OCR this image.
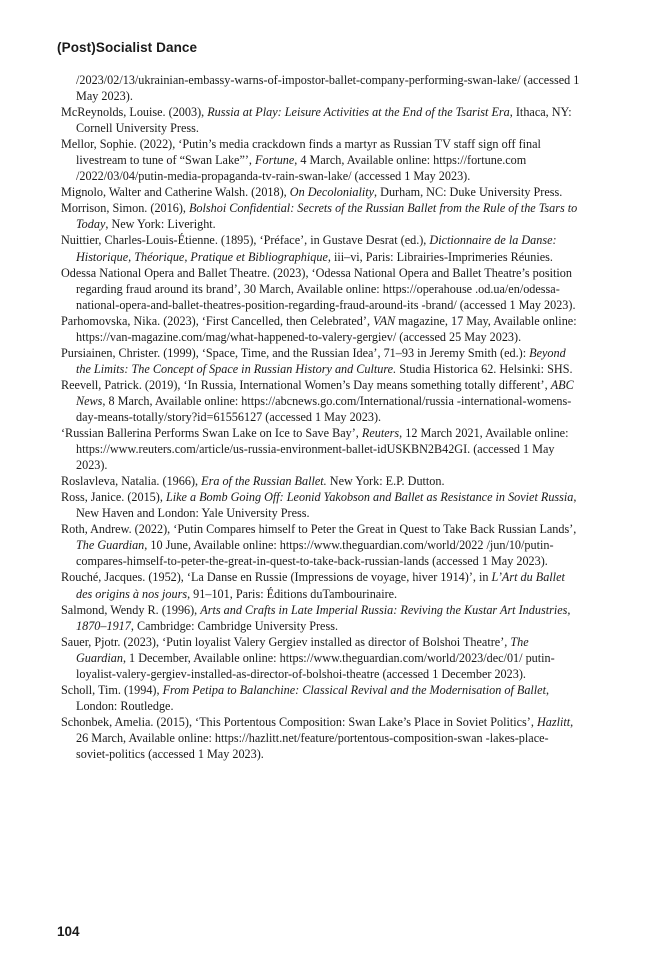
(Post)Socialist Dance

/2023/02/13/ukrainian-embassy-warns-of-impostor-ballet-company-performing-swan-lake/ (accessed 1 May 2023).

McReynolds, Louise. (2003), Russia at Play: Leisure Activities at the End of the Tsarist Era, Ithaca, NY: Cornell University Press.

Mellor, Sophie. (2022), ‘Putin’s media crackdown finds a martyr as Russian TV staff sign off final livestream to tune of “Swan Lake”’, Fortune, 4 March, Available online: https://fortune.com /2022/03/04/putin-media-propaganda-tv-rain-swan-lake/ (accessed 1 May 2023).

Mignolo, Walter and Catherine Walsh. (2018), On Decoloniality, Durham, NC: Duke University Press.

Morrison, Simon. (2016), Bolshoi Confidential: Secrets of the Russian Ballet from the Rule of the Tsars to Today, New York: Liveright.

Nuittier, Charles-Louis-Étienne. (1895), ‘Préface’, in Gustave Desrat (ed.), Dictionnaire de la Danse: Historique, Théorique, Pratique et Bibliographique, iii–vi, Paris: Librairies-Imprimeries Réunies.

Odessa National Opera and Ballet Theatre. (2023), ‘Odessa National Opera and Ballet Theatre’s position regarding fraud around its brand’, 30 March, Available online: https://operahouse .od.ua/en/odessa-national-opera-and-ballet-theatres-position-regarding-fraud-around-its -brand/ (accessed 1 May 2023).

Parhomovska, Nika. (2023), ‘First Cancelled, then Celebrated’, VAN magazine, 17 May, Available online: https://van-magazine.com/mag/what-happened-to-valery-gergiev/ (accessed 25 May 2023).

Pursiainen, Christer. (1999), ‘Space, Time, and the Russian Idea’, 71–93 in Jeremy Smith (ed.): Beyond the Limits: The Concept of Space in Russian History and Culture. Studia Historica 62. Helsinki: SHS.

Reevell, Patrick. (2019), ‘In Russia, International Women’s Day means something totally different’, ABC News, 8 March, Available online: https://abcnews.go.com/International/russia -international-womens-day-means-totally/story?id=61556127 (accessed 1 May 2023).

‘Russian Ballerina Performs Swan Lake on Ice to Save Bay’, Reuters, 12 March 2021, Available online: https://www.reuters.com/article/us-russia-environment-ballet-idUSKBN2B42GI. (accessed 1 May 2023).

Roslavleva, Natalia. (1966), Era of the Russian Ballet. New York: E.P. Dutton.

Ross, Janice. (2015), Like a Bomb Going Off: Leonid Yakobson and Ballet as Resistance in Soviet Russia, New Haven and London: Yale University Press.

Roth, Andrew. (2022), ‘Putin Compares himself to Peter the Great in Quest to Take Back Russian Lands’, The Guardian, 10 June, Available online: https://www.theguardian.com/world/2022 /jun/10/putin-compares-himself-to-peter-the-great-in-quest-to-take-back-russian-lands (accessed 1 May 2023).

Rouché, Jacques. (1952), ‘La Danse en Russie (Impressions de voyage, hiver 1914)’, in L’Art du Ballet des origins à nos jours, 91–101, Paris: Éditions duTambourinaire.

Salmond, Wendy R. (1996), Arts and Crafts in Late Imperial Russia: Reviving the Kustar Art Industries, 1870–1917, Cambridge: Cambridge University Press.

Sauer, Pjotr. (2023), ‘Putin loyalist Valery Gergiev installed as director of Bolshoi Theatre’, The Guardian, 1 December, Available online: https://www.theguardian.com/world/2023/dec/01/ putin-loyalist-valery-gergiev-installed-as-director-of-bolshoi-theatre (accessed 1 December 2023).

Scholl, Tim. (1994), From Petipa to Balanchine: Classical Revival and the Modernisation of Ballet, London: Routledge.

Schonbek, Amelia. (2015), ‘This Portentous Composition: Swan Lake’s Place in Soviet Politics’, Hazlitt, 26 March, Available online: https://hazlitt.net/feature/portentous-composition-swan -lakes-place-soviet-politics (accessed 1 May 2023).

104
